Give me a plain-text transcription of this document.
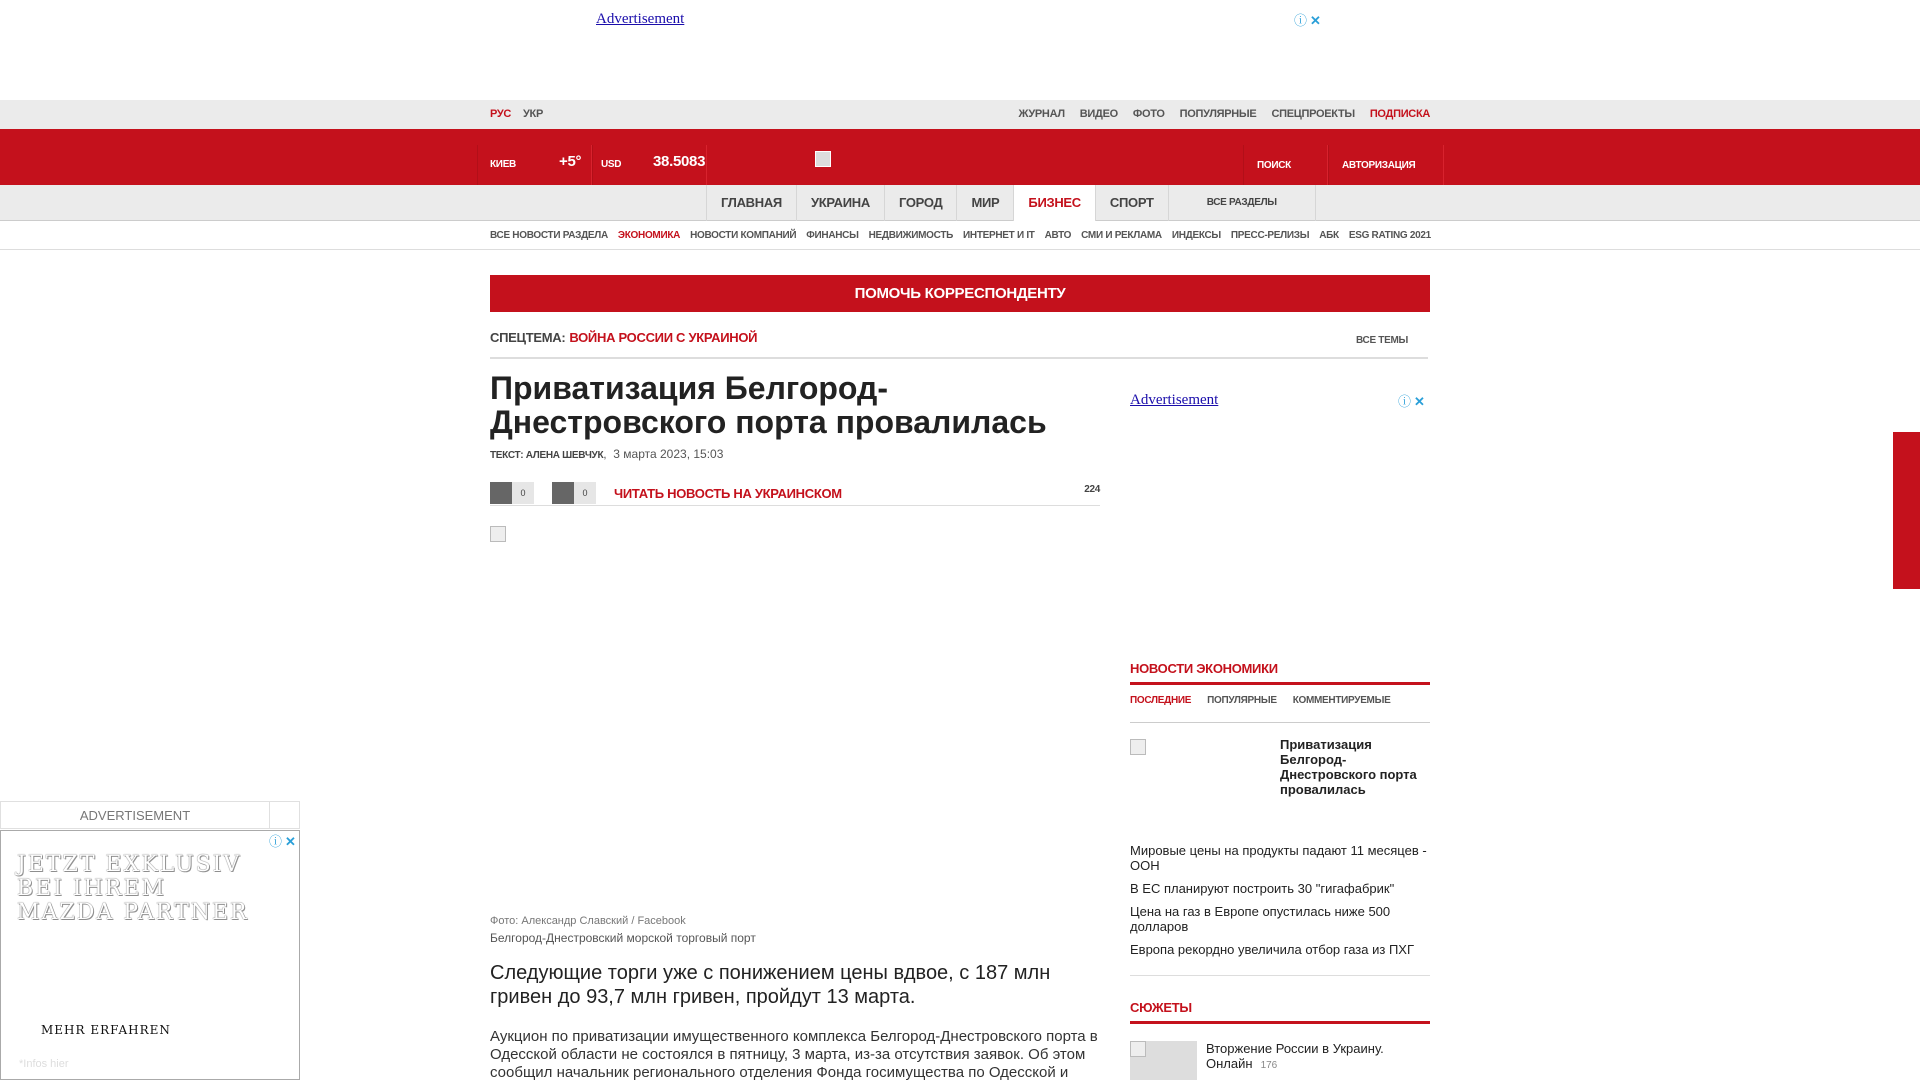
Advertisement	ⓘ ✕
РУС УКР	ЖУРНАЛ ВИДЕО ФОТО ПОПУЛЯРНЫЕ СПЕЦПРОЕКТЫ ПОДПИСКА
КИЕВ	+5° USD 38.5083	ПОИСК	АВТОРИЗАЦИЯ
ГЛАВНАЯ	УКРАИНА	ГОРОД	МИР	БИЗНЕС	СПОРТ	ВСЕ РАЗДЕЛЫ
ВСЕ НОВОСТИ РАЗДЕЛА ЭКОНОМИКА НОВОСТИ КОМПАНИЙ ФИНАНСЫ НЕДВИЖИМОСТЬ ИНТЕРНЕТ И IT АВТО СМИ И РЕКЛАМА ИНДЕКСЫ ПРЕСС-РЕЛИЗЫ АБК ESG RATING 2021
ПОМОЧЬ КОРРЕСПОНДЕНТУ
СПЕЦТЕМА: ВОЙНА РОССИИ С УКРАИНОЙ	ВСЕ ТЕМЫ
Приватизация Белгород-Днестровского порта провалилась
ТЕКСТ: АЛЕНА ШЕВЧУК,  3 марта 2023, 15:03
0	0	ЧИТАТЬ НОВОСТЬ НА УКРАИНСКОМ	224
Фото: Александр Славский / Facebook
Белгород-Днестровский морской торговый порт

Следующие торги уже с понижением цены вдвое, с 187 млн гривен до 93,7 млн гривен, пройдут 13 марта.

Аукцион по приватизации имущественного комплекса Белгород-Днестровского порта в Одесской области не состоялся в пятницу, 3 марта, из-за отсутствия заявок. Об этом сообщил начальник регионального отделения Фонда госимущества по Одесской и

Advertisement	ⓘ ✕
НОВОСТИ ЭКОНОМИКИ
ПОСЛЕДНИЕ ПОПУЛЯРНЫЕ КОММЕНТИРУЕМЫЕ
Приватизация Белгород-Днестровского порта провалилась
Мировые цены на продукты падают 11 месяцев - ООН
В ЕС планируют построить 30 "гигафабрик"
Цена на газ в Европе опустилась ниже 500 долларов
Европа рекордно увеличила отбор газа из ПХГ
СЮЖЕТЫ
Вторжение России в Украину. Онлайн 176
ADVERTISEMENT
ⓘ ✕
JETZT EXKLUSIV
BEI IHREM
MAZDA PARTNER
MEHR ERFAHREN
*Infos hier
